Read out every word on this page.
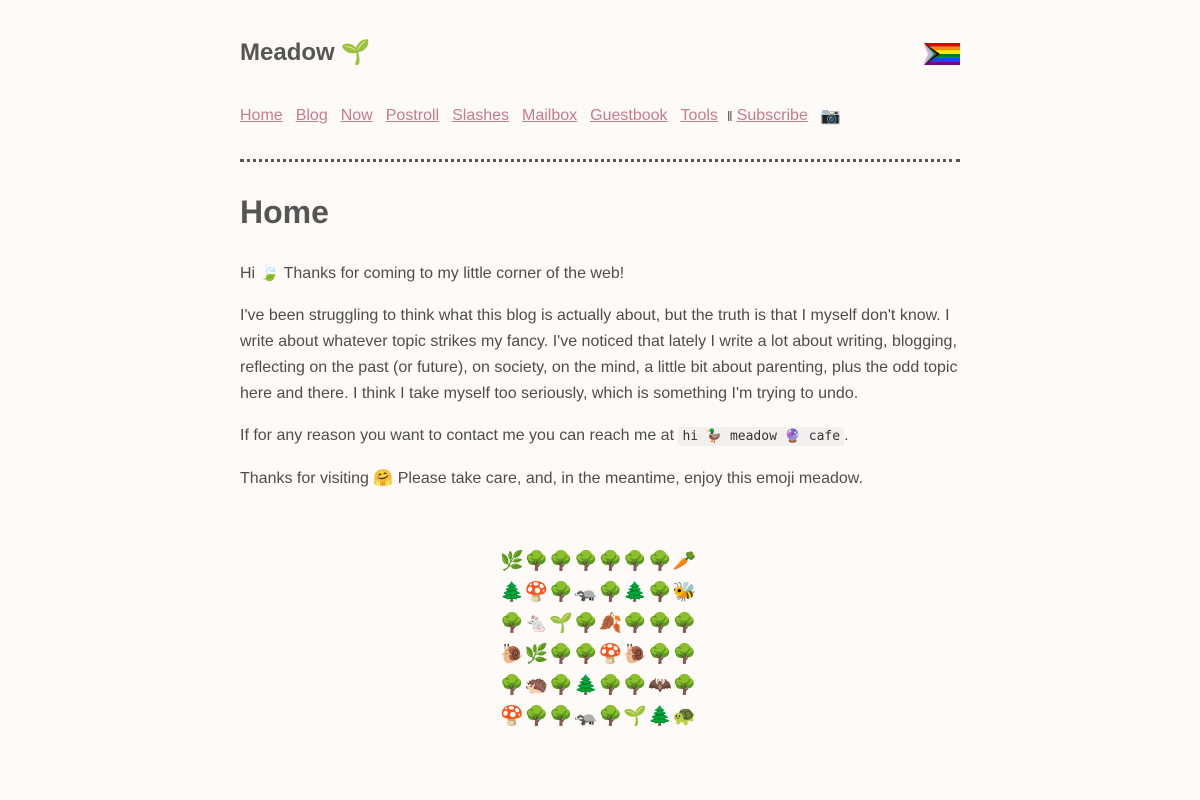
Meadow 🌱
Home Blog Now Postroll Slashes Mailbox Guestbook Tools ‖ Subscribe 📷
Home

Hi 🍃 Thanks for coming to my little corner of the web!

I've been struggling to think what this blog is actually about, but the truth is that I myself don't know. I write about whatever topic strikes my fancy. I've noticed that lately I write a lot about writing, blogging, reflecting on the past (or future), on society, on the mind, a little bit about parenting, plus the odd topic here and there. I think I take myself too seriously, which is something I'm trying to undo.

If for any reason you want to contact me you can reach me at hi 🦆 meadow 🔮 cafe .

Thanks for visiting 🤗 Please take care, and, in the meantime, enjoy this emoji meadow.

🌿🌳🌳🌳🌳🌳🌳🥕
🌲🍄🌳🦡🌳🌲🌳🐝
🌳🐁🌱🌳🍂🌳🌳🌳
🐌🌿🌳🌳🍄🐌🌳🌳
🌳🦔🌳🌲🌳🌳🦇🌳
🍄🌳🌳🦡🌳🌱🌲🐢
